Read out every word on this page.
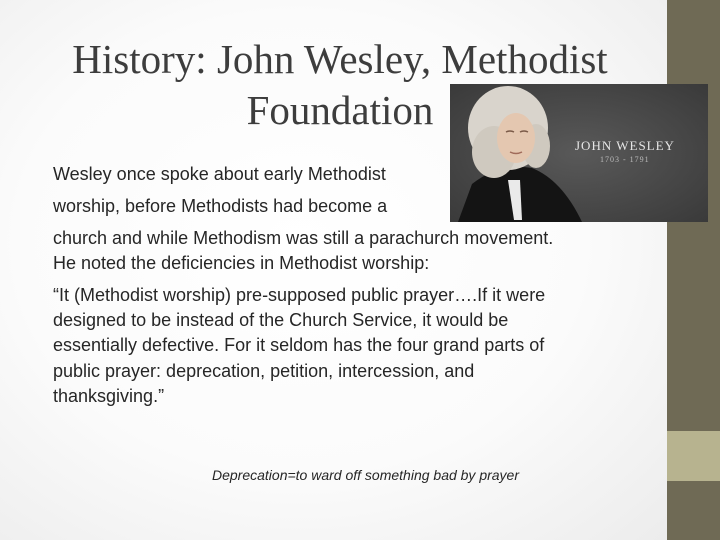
History: John Wesley, Methodist
Foundation
JOHN WESLEY
1703 - 1791

Wesley once spoke about early Methodist

worship, before Methodists had become a

church and while Methodism was still a parachurch movement.

He noted the deficiencies in Methodist worship:

“It (Methodist worship) pre-supposed public prayer….If it were

designed to be instead of the Church Service, it would be

essentially defective. For it seldom has the four grand parts of

public prayer: deprecation, petition, intercession, and

thanksgiving.”

Deprecation=to ward off something bad by prayer
